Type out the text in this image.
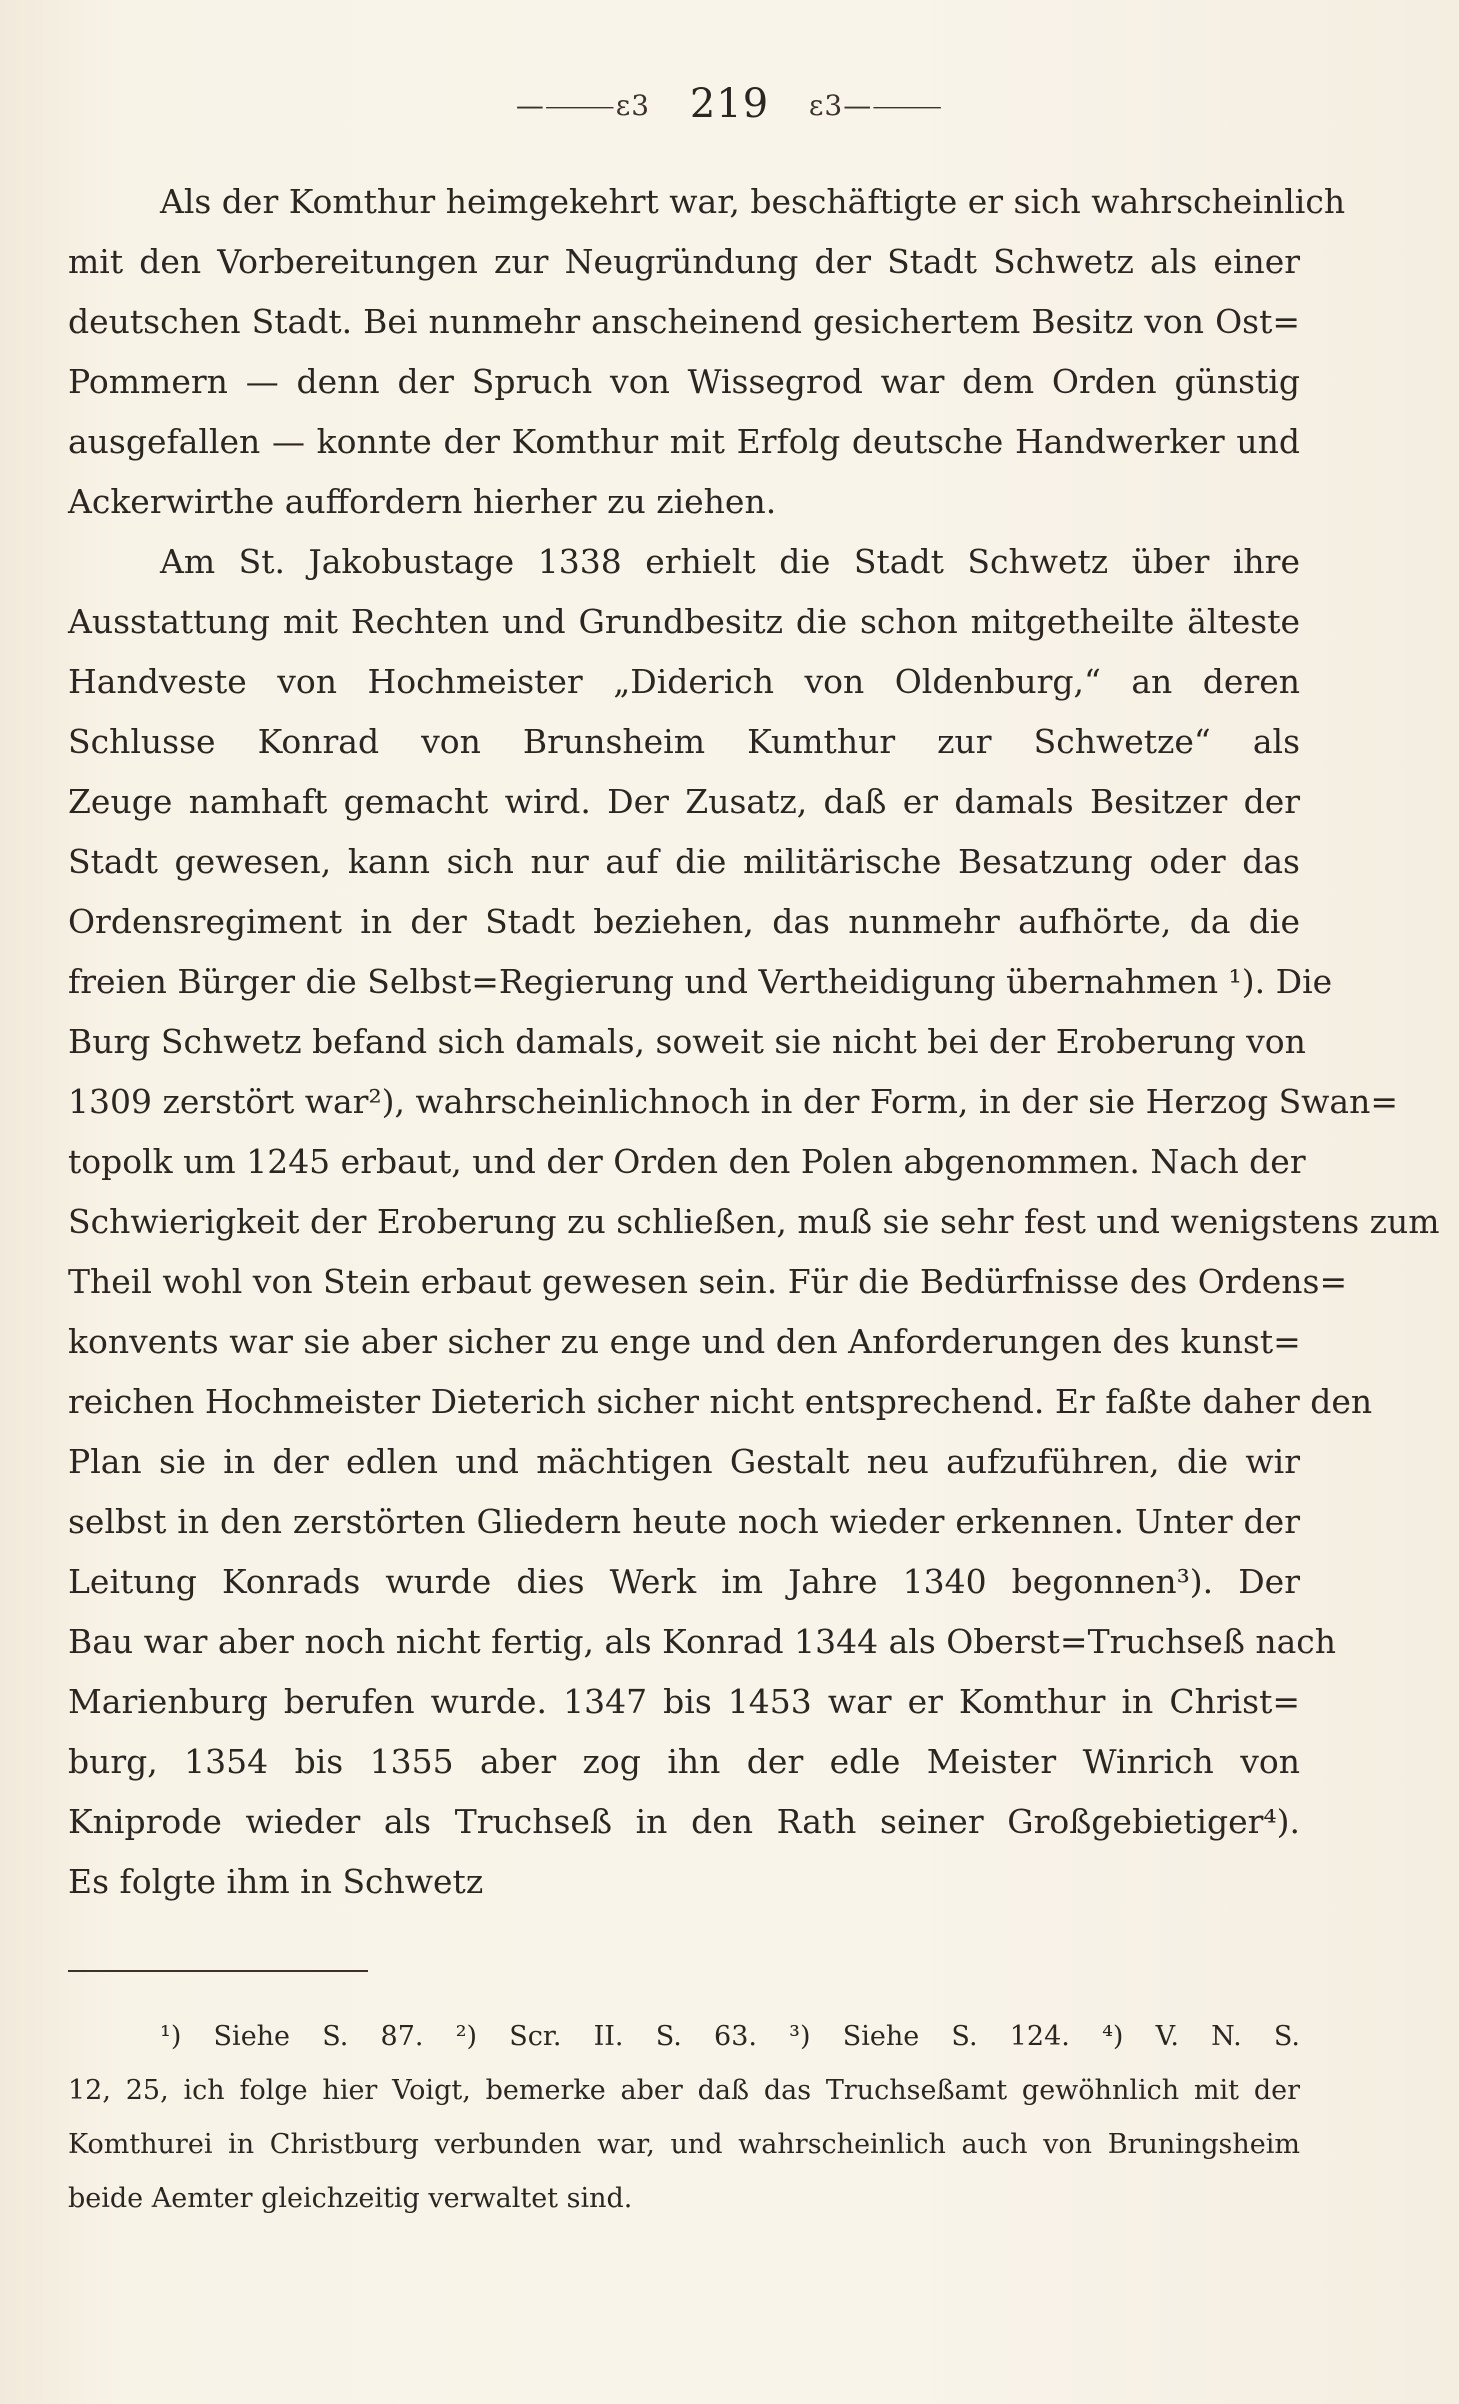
—⸻ɛ3 219 ɛ3—⸻
Als der Komthur heimgekehrt war, beschäftigte er sich wahrscheinlich
mit den Vorbereitungen zur Neugründung der Stadt Schwetz als einer
deutschen Stadt. Bei nunmehr anscheinend gesichertem Besitz von Ost=
Pommern — denn der Spruch von Wissegrod war dem Orden günstig
ausgefallen — konnte der Komthur mit Erfolg deutsche Handwerker und
Ackerwirthe auffordern hierher zu ziehen.
Am St. Jakobustage 1338 erhielt die Stadt Schwetz über ihre
Ausstattung mit Rechten und Grundbesitz die schon mitgetheilte älteste
Handveste von Hochmeister „Diderich von Oldenburg,“ an deren
Schlusse Konrad von Brunsheim Kumthur zur Schwetze“ als
Zeuge namhaft gemacht wird. Der Zusatz, daß er damals Besitzer der
Stadt gewesen, kann sich nur auf die militärische Besatzung oder das
Ordensregiment in der Stadt beziehen, das nunmehr aufhörte, da die
freien Bürger die Selbst=Regierung und Vertheidigung übernahmen ¹). Die
Burg Schwetz befand sich damals, soweit sie nicht bei der Eroberung von
1309 zerstört war²), wahrscheinlichnoch in der Form, in der sie Herzog Swan=
topolk um 1245 erbaut, und der Orden den Polen abgenommen. Nach der
Schwierigkeit der Eroberung zu schließen, muß sie sehr fest und wenigstens zum
Theil wohl von Stein erbaut gewesen sein. Für die Bedürfnisse des Ordens=
konvents war sie aber sicher zu enge und den Anforderungen des kunst=
reichen Hochmeister Dieterich sicher nicht entsprechend. Er faßte daher den
Plan sie in der edlen und mächtigen Gestalt neu aufzuführen, die wir
selbst in den zerstörten Gliedern heute noch wieder erkennen. Unter der
Leitung Konrads wurde dies Werk im Jahre 1340 begonnen³). Der
Bau war aber noch nicht fertig, als Konrad 1344 als Oberst=Truchseß nach
Marienburg berufen wurde. 1347 bis 1453 war er Komthur in Christ=
burg, 1354 bis 1355 aber zog ihn der edle Meister Winrich von
Kniprode wieder als Truchseß in den Rath seiner Großgebietiger⁴).
Es folgte ihm in Schwetz
¹) Siehe S. 87. ²) Scr. II. S. 63. ³) Siehe S. 124. ⁴) V. N. S.
12, 25, ich folge hier Voigt, bemerke aber daß das Truchseßamt gewöhnlich mit der
Komthurei in Christburg verbunden war, und wahrscheinlich auch von Bruningsheim
beide Aemter gleichzeitig verwaltet sind.
